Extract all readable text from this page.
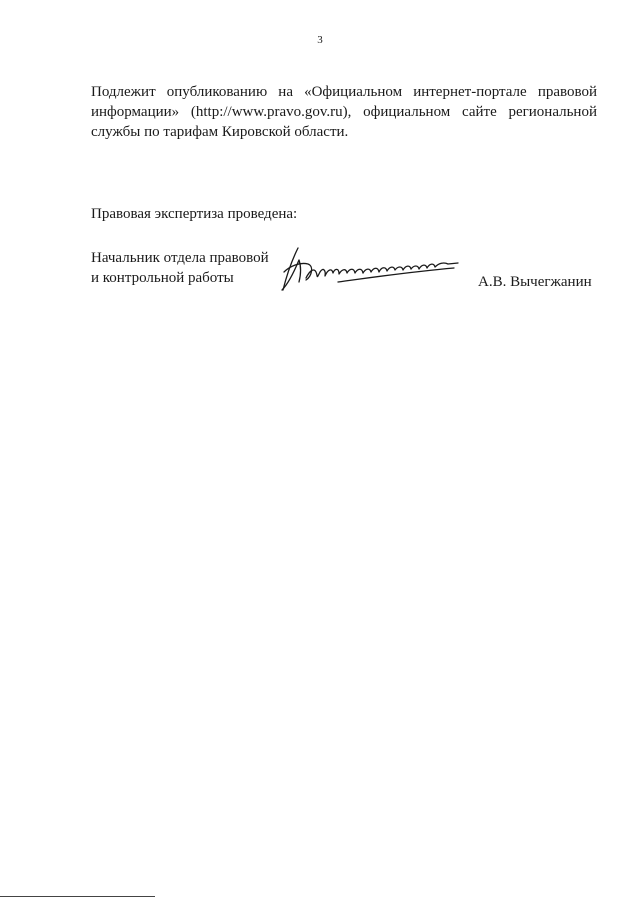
3

Подлежит опубликованию на «Официальном интернет-портале правовой информации» (http://www.pravo.gov.ru), официальном сайте региональной службы по тарифам Кировской области.

Правовая экспертиза проведена:
Начальник отдела правовой
и контрольной работы	А.В. Вычегжанин
